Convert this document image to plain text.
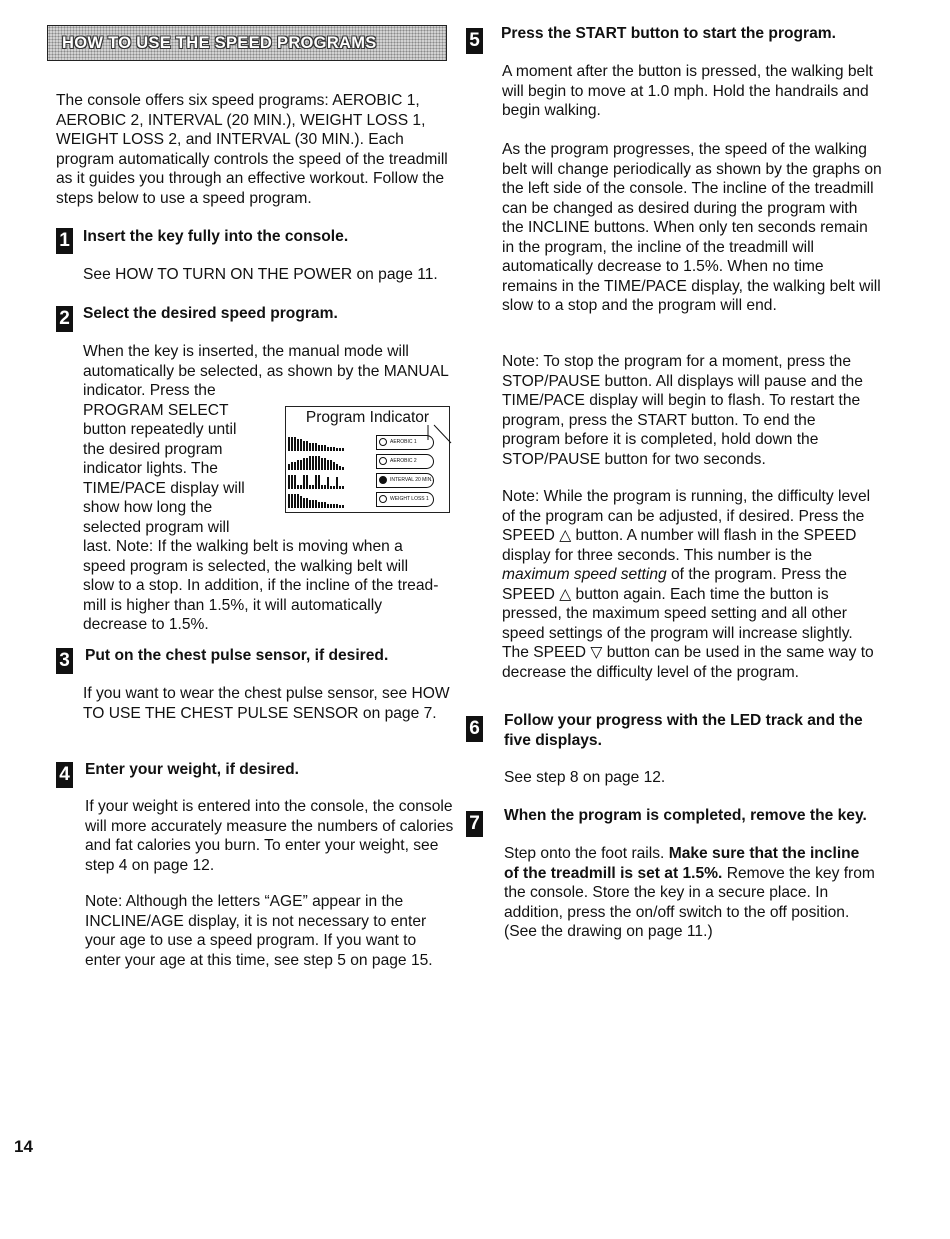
HOW TO USE THE SPEED PROGRAMS

The console offers six speed programs: AEROBIC 1, AEROBIC 2, INTERVAL (20 MIN.), WEIGHT LOSS 1, WEIGHT LOSS 2, and INTERVAL (30 MIN.). Each program automatically controls the speed of the treadmill as it guides you through an effective workout. Follow the steps below to use a speed program.

1 Insert the key fully into the console.

See HOW TO TURN ON THE POWER on page 11.

2 Select the desired speed program.

When the key is inserted, the manual mode will
automatically be selected, as shown by the MANUAL
indicator. Press the
PROGRAM SELECT
button repeatedly until
the desired program
indicator lights. The
TIME/PACE display will
show how long the
selected program will
last. Note: If the walking belt is moving when a
speed program is selected, the walking belt will
slow to a stop. In addition, if the incline of the tread-
mill is higher than 1.5%, it will automatically
decrease to 1.5%.
Program Indicator
AEROBIC 1
AEROBIC 2
INTERVAL 20 MIN.
WEIGHT LOSS 1
3 Put on the chest pulse sensor, if desired.

If you want to wear the chest pulse sensor, see HOW TO USE THE CHEST PULSE SENSOR on page 7.

4 Enter your weight, if desired.

If your weight is entered into the console, the console will more accurately measure the numbers of calories and fat calories you burn. To enter your weight, see step 4 on page 12.

Note: Although the letters “AGE” appear in the INCLINE/AGE display, it is not necessary to enter your age to use a speed program. If you want to enter your age at this time, see step 5 on page 15.

5 Press the START button to start the program.

A moment after the button is pressed, the walking belt will begin to move at 1.0 mph. Hold the handrails and begin walking.

As the program progresses, the speed of the walking belt will change periodically as shown by the graphs on the left side of the console. The incline of the treadmill can be changed as desired during the program with the INCLINE buttons. When only ten seconds remain in the program, the incline of the treadmill will automatically decrease to 1.5%. When no time remains in the TIME/PACE display, the walking belt will slow to a stop and the program will end.

Note: To stop the program for a moment, press the STOP/PAUSE button. All displays will pause and the TIME/PACE display will begin to flash. To restart the program, press the START button. To end the program before it is completed, hold down the STOP/PAUSE button for two seconds.

Note: While the program is running, the difficulty level of the program can be adjusted, if desired. Press the SPEED △ button. A number will flash in the SPEED display for three seconds. This number is the maximum speed setting of the program. Press the SPEED △ button again. Each time the button is pressed, the maximum speed setting and all other speed settings of the program will increase slightly. The SPEED ▽ button can be used in the same way to decrease the difficulty level of the program.

6 Follow your progress with the LED track and the five displays.

See step 8 on page 12.

7 When the program is completed, remove the key.

Step onto the foot rails. Make sure that the incline of the treadmill is set at 1.5%. Remove the key from the console. Store the key in a secure place. In addition, press the on/off switch to the off position. (See the drawing on page 11.)

14
